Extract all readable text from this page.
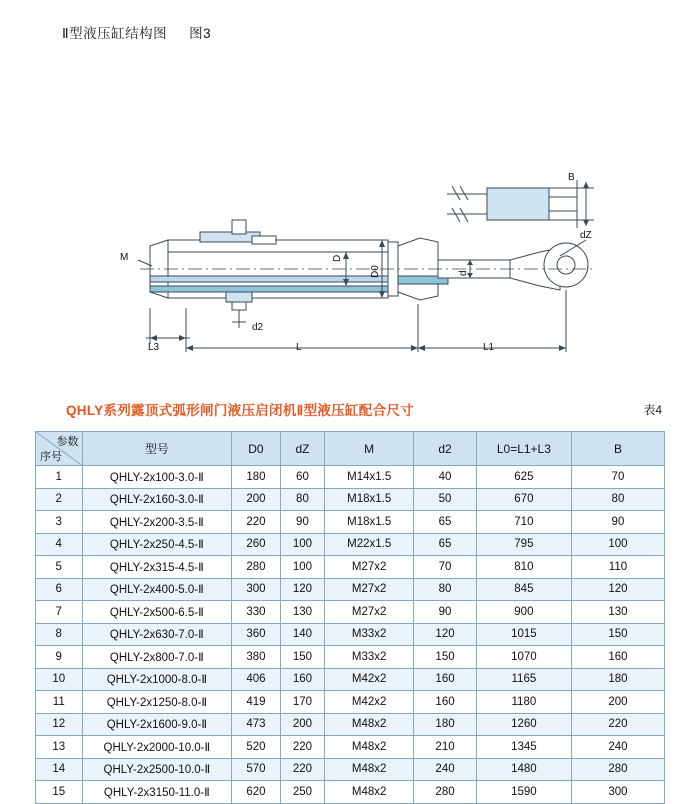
Ⅱ型液压缸结构图 图3
M
L3
d2
L
D
D0	d
L1
dZ
B
QHLY系列露顶式弧形闸门液压启闭机Ⅱ型液压缸配合尺寸	表4
参数
序号	型号	D0	dZ	M	d2	L0=L1+L3	B
1	QHLY-2x100-3.0-Ⅱ	180	60	M14x1.5	40	625	70
2	QHLY-2x160-3.0-Ⅱ	200	80	M18x1.5	50	670	80
3	QHLY-2x200-3.5-Ⅱ	220	90	M18x1.5	65	710	90
4	QHLY-2x250-4.5-Ⅱ	260	100	M22x1.5	65	795	100
5	QHLY-2x315-4.5-Ⅱ	280	100	M27x2	70	810	110
6	QHLY-2x400-5.0-Ⅱ	300	120	M27x2	80	845	120
7	QHLY-2x500-6.5-Ⅱ	330	130	M27x2	90	900	130
8	QHLY-2x630-7.0-Ⅱ	360	140	M33x2	120	1015	150
9	QHLY-2x800-7.0-Ⅱ	380	150	M33x2	150	1070	160
10	QHLY-2x1000-8.0-Ⅱ	406	160	M42x2	160	1165	180
11	QHLY-2x1250-8.0-Ⅱ	419	170	M42x2	160	1180	200
12	QHLY-2x1600-9.0-Ⅱ	473	200	M48x2	180	1260	220
13	QHLY-2x2000-10.0-Ⅱ	520	220	M48x2	210	1345	240
14	QHLY-2x2500-10.0-Ⅱ	570	220	M48x2	240	1480	280
15	QHLY-2x3150-11.0-Ⅱ	620	250	M48x2	280	1590	300
